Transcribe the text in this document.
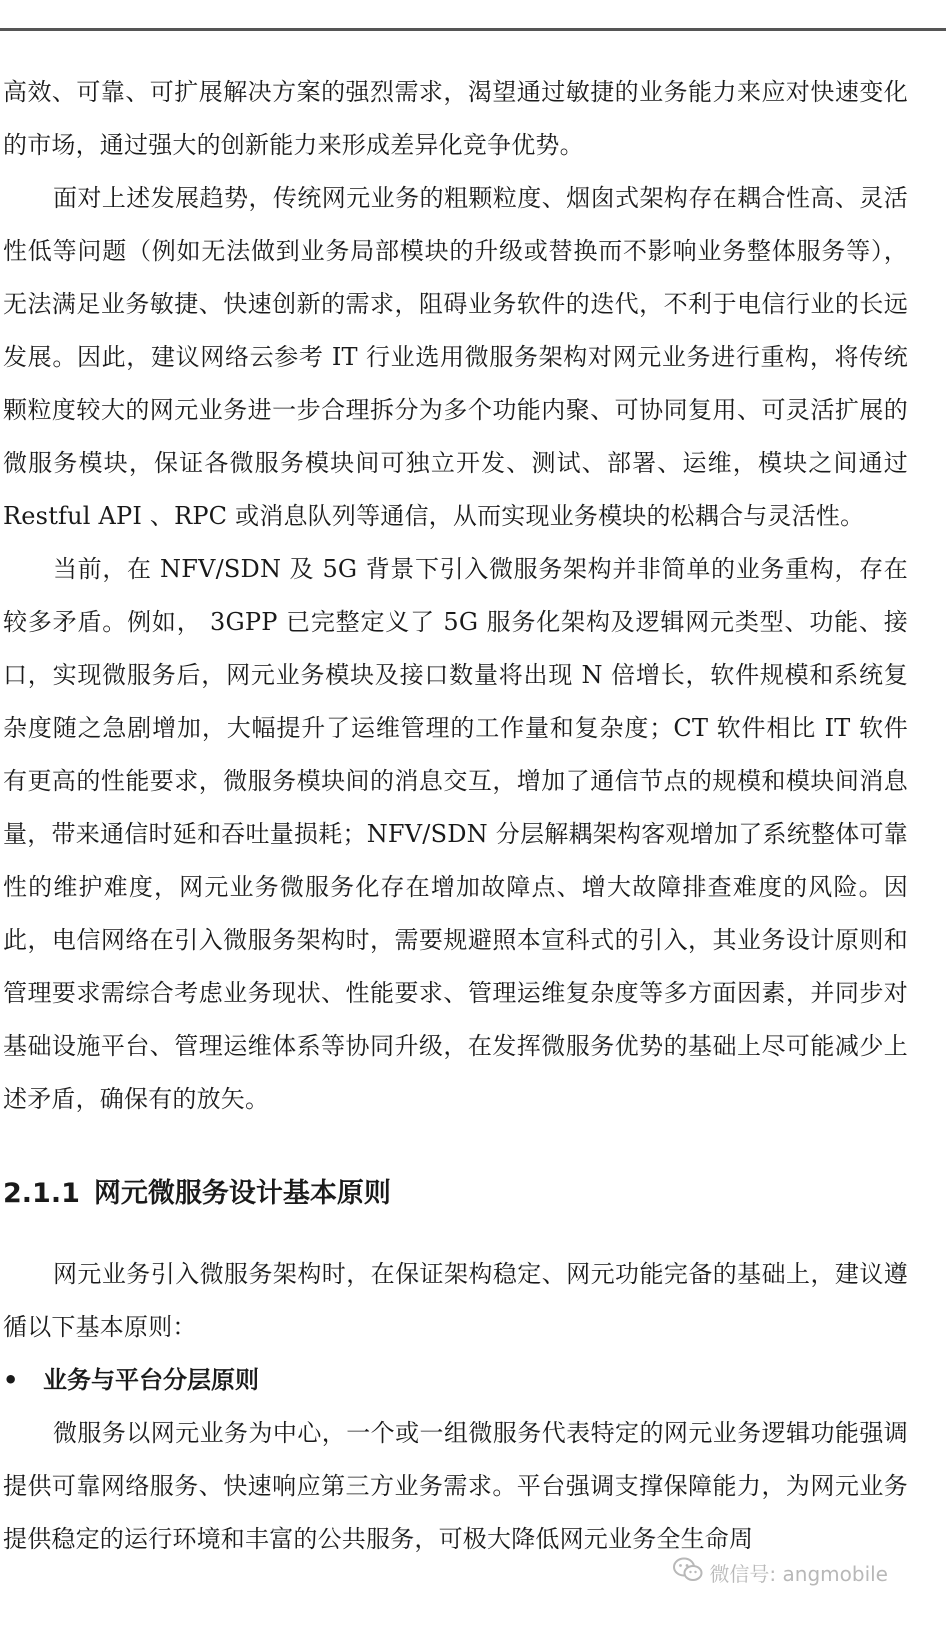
高效、可靠、可扩展解决方案的强烈需求，渴望通过敏捷的业务能力来应对快速变化的市场，通过强大的创新能力来形成差异化竞争优势。

面对上述发展趋势，传统网元业务的粗颗粒度、烟囱式架构存在耦合性高、灵活性低等问题（例如无法做到业务局部模块的升级或替换而不影响业务整体服务等），无法满足业务敏捷、快速创新的需求，阻碍业务软件的迭代，不利于电信行业的长远发展。因此，建议网络云参考 IT 行业选用微服务架构对网元业务进行重构，将传统颗粒度较大的网元业务进一步合理拆分为多个功能内聚、可协同复用、可灵活扩展的微服务模块，保证各微服务模块间可独立开发、测试、部署、运维，模块之间通过 Restful API 、RPC 或消息队列等通信，从而实现业务模块的松耦合与灵活性。

当前，在 NFV/SDN 及 5G 背景下引入微服务架构并非简单的业务重构，存在较多矛盾。例如， 3GPP 已完整定义了 5G 服务化架构及逻辑网元类型、功能、接口，实现微服务后，网元业务模块及接口数量将出现 N 倍增长，软件规模和系统复杂度随之急剧增加，大幅提升了运维管理的工作量和复杂度；CT 软件相比 IT 软件有更高的性能要求，微服务模块间的消息交互，增加了通信节点的规模和模块间消息量，带来通信时延和吞吐量损耗；NFV/SDN 分层解耦架构客观增加了系统整体可靠性的维护难度，网元业务微服务化存在增加故障点、增大故障排查难度的风险。因此，电信网络在引入微服务架构时，需要规避照本宣科式的引入，其业务设计原则和管理要求需综合考虑业务现状、性能要求、管理运维复杂度等多方面因素，并同步对基础设施平台、管理运维体系等协同升级，在发挥微服务优势的基础上尽可能减少上述矛盾，确保有的放矢。

2.1.1 网元微服务设计基本原则

网元业务引入微服务架构时，在保证架构稳定、网元功能完备的基础上，建议遵循以下基本原则：

•	业务与平台分层原则

微服务以网元业务为中心，一个或一组微服务代表特定的网元业务逻辑功能强调提供可靠网络服务、快速响应第三方业务需求。平台强调支撑保障能力，为网元业务提供稳定的运行环境和丰富的公共服务，可极大降低网元业务全生命周

微信号: angmobile
